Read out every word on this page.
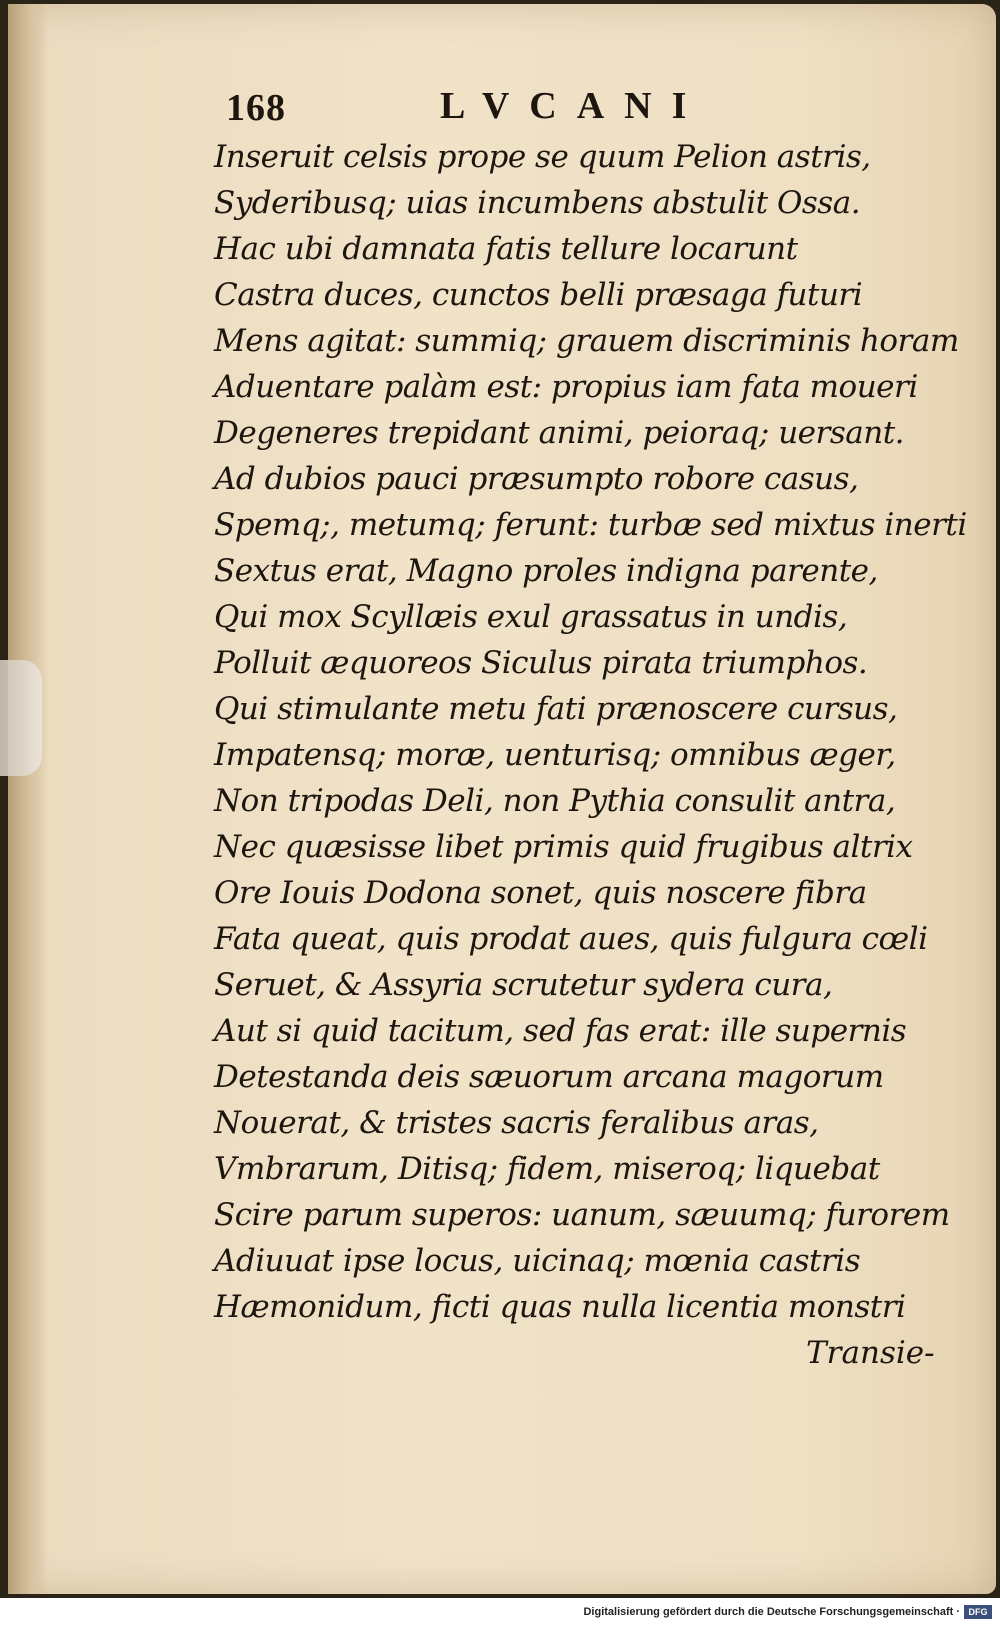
168	LVCANI
Inseruit celsis prope se quum Pelion astris,
Syderibusq; uias incumbens abstulit Ossa.
Hac ubi damnata fatis tellure locarunt
Castra duces, cunctos belli præsaga futuri
Mens agitat: summiq; grauem discriminis horam
Aduentare palàm est: propius iam fata moueri
Degeneres trepidant animi, peioraq; uersant.
Ad dubios pauci præsumpto robore casus,
Spemq;, metumq; ferunt: turbæ sed mixtus inerti
Sextus erat, Magno proles indigna parente,
Qui mox Scyllæis exul grassatus in undis,
Polluit æquoreos Siculus pirata triumphos.
Qui stimulante metu fati prænoscere cursus,
Impatensq; moræ, uenturisq; omnibus æger,
Non tripodas Deli, non Pythia consulit antra,
Nec quæsisse libet primis quid frugibus altrix
Ore Iouis Dodona sonet, quis noscere fibra
Fata queat, quis prodat aues, quis fulgura cœli
Seruet, & Assyria scrutetur sydera cura,
Aut si quid tacitum, sed fas erat: ille supernis
Detestanda deis sæuorum arcana magorum
Nouerat, & tristes sacris feralibus aras,
Vmbrarum, Ditisq; fidem, miseroq; liquebat
Scire parum superos: uanum, sæuumq; furorem
Adiuuat ipse locus, uicinaq; mœnia castris
Hæmonidum, ficti quas nulla licentia monstri
Transie-
Digitalisierung gefördert durch die Deutsche Forschungsgemeinschaft · DFG
